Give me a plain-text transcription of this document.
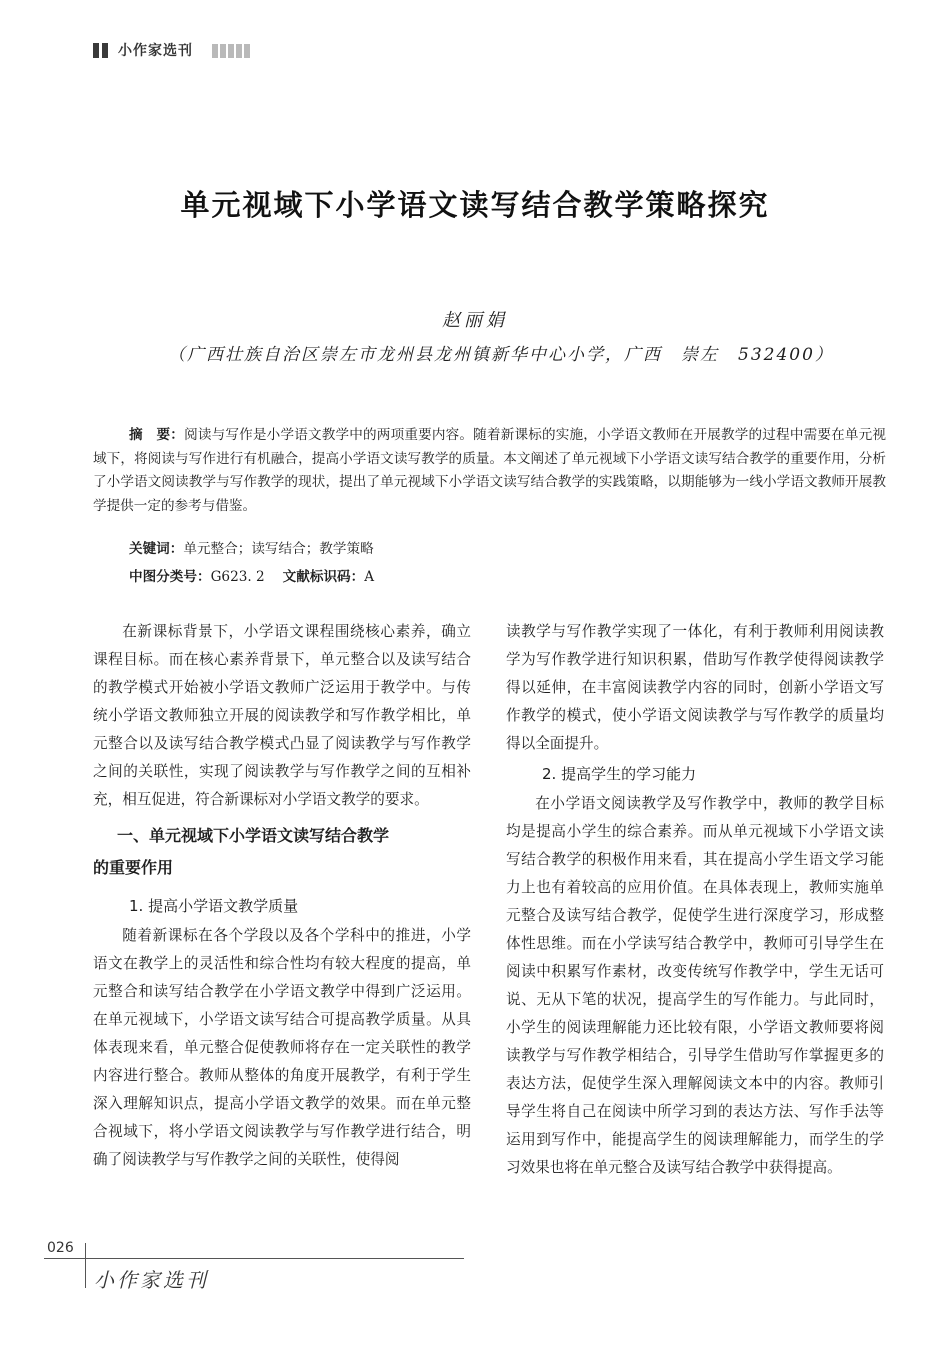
小作家选刊
单元视域下小学语文读写结合教学策略探究
赵丽娟
（广西壮族自治区崇左市龙州县龙州镇新华中心小学，广西　崇左　532400）
摘　要：阅读与写作是小学语文教学中的两项重要内容。随着新课标的实施，小学语文教师在开展教学的过程中需要在单元视域下，将阅读与写作进行有机融合，提高小学语文读写教学的质量。本文阐述了单元视域下小学语文读写结合教学的重要作用，分析了小学语文阅读教学与写作教学的现状，提出了单元视域下小学语文读写结合教学的实践策略，以期能够为一线小学语文教师开展教学提供一定的参考与借鉴。
关键词：单元整合；读写结合；教学策略
中图分类号：G623. 2 文献标识码：A

在新课标背景下，小学语文课程围绕核心素养，确立课程目标。而在核心素养背景下，单元整合以及读写结合的教学模式开始被小学语文教师广泛运用于教学中。与传统小学语文教师独立开展的阅读教学和写作教学相比，单元整合以及读写结合教学模式凸显了阅读教学与写作教学之间的关联性，实现了阅读教学与写作教学之间的互相补充，相互促进，符合新课标对小学语文教学的要求。

一、单元视域下小学语文读写结合教学
的重要作用
1. 提高小学语文教学质量

随着新课标在各个学段以及各个学科中的推进，小学语文在教学上的灵活性和综合性均有较大程度的提高，单元整合和读写结合教学在小学语文教学中得到广泛运用。在单元视域下，小学语文读写结合可提高教学质量。从具体表现来看，单元整合促使教师将存在一定关联性的教学内容进行整合。教师从整体的角度开展教学，有利于学生深入理解知识点，提高小学语文教学的效果。而在单元整合视域下，将小学语文阅读教学与写作教学进行结合，明确了阅读教学与写作教学之间的关联性，使得阅

读教学与写作教学实现了一体化，有利于教师利用阅读教学为写作教学进行知识积累，借助写作教学使得阅读教学得以延伸，在丰富阅读教学内容的同时，创新小学语文写作教学的模式，使小学语文阅读教学与写作教学的质量均得以全面提升。

2. 提高学生的学习能力

在小学语文阅读教学及写作教学中，教师的教学目标均是提高小学生的综合素养。而从单元视域下小学语文读写结合教学的积极作用来看，其在提高小学生语文学习能力上也有着较高的应用价值。在具体表现上，教师实施单元整合及读写结合教学，促使学生进行深度学习，形成整体性思维。而在小学读写结合教学中，教师可引导学生在阅读中积累写作素材，改变传统写作教学中，学生无话可说、无从下笔的状况，提高学生的写作能力。与此同时，小学生的阅读理解能力还比较有限，小学语文教师要将阅读教学与写作教学相结合，引导学生借助写作掌握更多的表达方法，促使学生深入理解阅读文本中的内容。教师引导学生将自己在阅读中所学习到的表达方法、写作手法等运用到写作中，能提高学生的阅读理解能力，而学生的学习效果也将在单元整合及读写结合教学中获得提高。

026
小作家选刊
